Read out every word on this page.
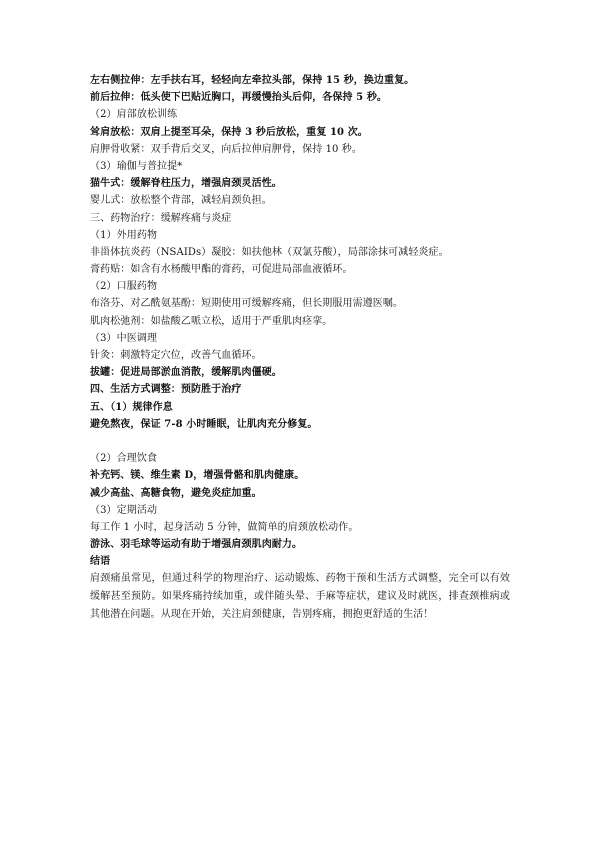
左右侧拉伸：左手扶右耳，轻轻向左牵拉头部，保持 15 秒，换边重复。
前后拉伸：低头使下巴贴近胸口，再缓慢抬头后仰，各保持 5 秒。
（2）肩部放松训练
耸肩放松：双肩上提至耳朵，保持 3 秒后放松，重复 10 次。
肩胛骨收紧：双手背后交叉，向后拉伸肩胛骨，保持 10 秒。
（3）瑜伽与普拉提*
猫牛式：缓解脊柱压力，增强肩颈灵活性。
婴儿式：放松整个背部，减轻肩颈负担。
三、药物治疗：缓解疼痛与炎症
（1）外用药物
非甾体抗炎药（NSAIDs）凝胶：如扶他林（双氯芬酸），局部涂抹可减轻炎症。
膏药贴：如含有水杨酸甲酯的膏药，可促进局部血液循环。
（2）口服药物
布洛芬、对乙酰氨基酚：短期使用可缓解疼痛，但长期服用需遵医嘱。
肌肉松弛剂：如盐酸乙哌立松，适用于严重肌肉痉挛。
（3）中医调理
针灸：刺激特定穴位，改善气血循环。
拔罐：促进局部淤血消散，缓解肌肉僵硬。
四、生活方式调整：预防胜于治疗
五、（1）规律作息
避免熬夜，保证 7-8 小时睡眠，让肌肉充分修复。
（2）合理饮食
补充钙、镁、维生素 D，增强骨骼和肌肉健康。
减少高盐、高糖食物，避免炎症加重。
（3）定期活动
每工作 1 小时，起身活动 5 分钟，做简单的肩颈放松动作。
游泳、羽毛球等运动有助于增强肩颈肌肉耐力。
结语
肩颈痛虽常见，但通过科学的物理治疗、运动锻炼、药物干预和生活方式调整，完全可以有效缓解甚至预防。如果疼痛持续加重，或伴随头晕、手麻等症状，建议及时就医，排查颈椎病或其他潜在问题。从现在开始，关注肩颈健康，告别疼痛，拥抱更舒适的生活！
